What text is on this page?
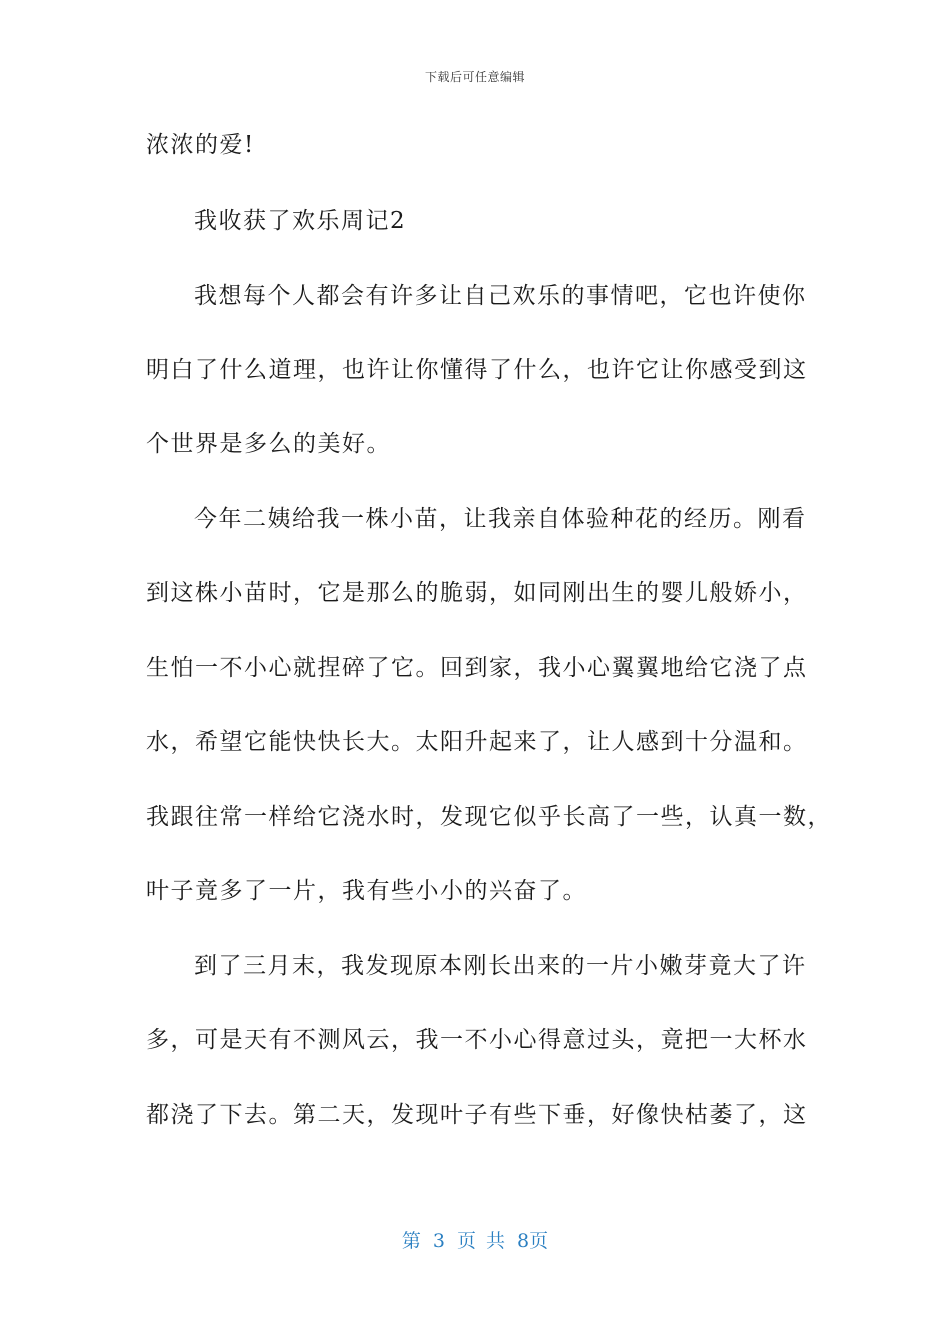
下载后可任意编辑
浓浓的爱!
我收获了欢乐周记2
我想每个人都会有许多让自己欢乐的事情吧，它也许使你
明白了什么道理，也许让你懂得了什么，也许它让你感受到这
个世界是多么的美好。
今年二姨给我一株小苗，让我亲自体验种花的经历。刚看
到这株小苗时，它是那么的脆弱，如同刚出生的婴儿般娇小，
生怕一不小心就捏碎了它。回到家，我小心翼翼地给它浇了点
水，希望它能快快长大。太阳升起来了，让人感到十分温和。
我跟往常一样给它浇水时，发现它似乎长高了一些，认真一数，
叶子竟多了一片，我有些小小的兴奋了。
到了三月末，我发现原本刚长出来的一片小嫩芽竟大了许
多，可是天有不测风云，我一不小心得意过头，竟把一大杯水
都浇了下去。第二天，发现叶子有些下垂，好像快枯萎了，这
第 3 页 共 8页
